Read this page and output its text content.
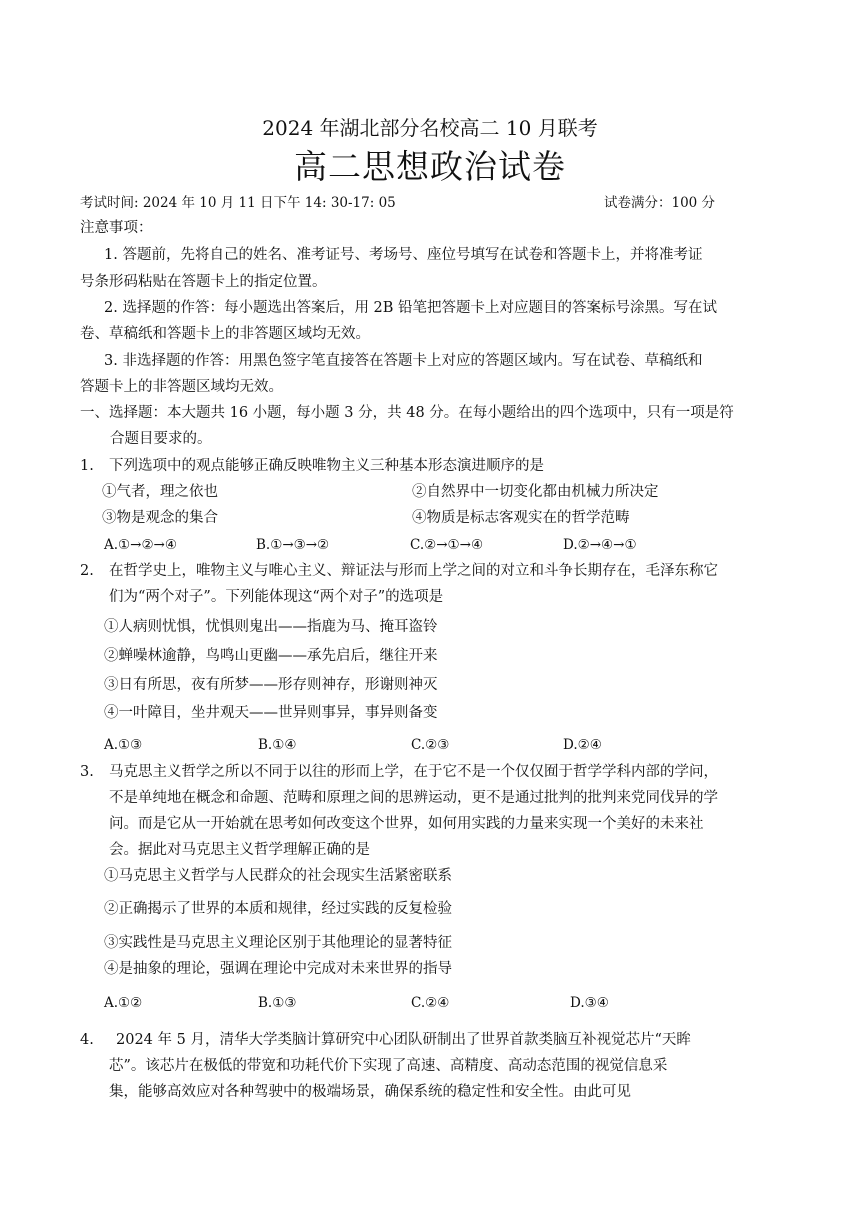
2024 年湖北部分名校高二 10 月联考
高二思想政治试卷
考试时间: 2024 年 10 月 11 日下午 14: 30-17: 05	试卷满分：100 分
注意事项：
1. 答题前，先将自己的姓名、准考证号、考场号、座位号填写在试卷和答题卡上，并将准考证
号条形码粘贴在答题卡上的指定位置。
2. 选择题的作答：每小题选出答案后，用 2B 铅笔把答题卡上对应题目的答案标号涂黑。写在试
卷、草稿纸和答题卡上的非答题区域均无效。
3. 非选择题的作答：用黑色签字笔直接答在答题卡上对应的答题区域内。写在试卷、草稿纸和
答题卡上的非答题区域均无效。
一、选择题：本大题共 16 小题，每小题 3 分，共 48 分。在每小题给出的四个选项中，只有一项是符
合题目要求的。
1. 下列选项中的观点能够正确反映唯物主义三种基本形态演进顺序的是
①气者，理之依也	②自然界中一切变化都由机械力所决定
③物是观念的集合	④物质是标志客观实在的哲学范畴
A.①→②→④	B.①→③→②	C.②→①→④	D.②→④→①
2. 在哲学史上，唯物主义与唯心主义、辩证法与形而上学之间的对立和斗争长期存在，毛泽东称它
们为“两个对子”。下列能体现这“两个对子”的选项是
①人病则忧惧，忧惧则鬼出——指鹿为马、掩耳盗铃
②蝉噪林逾静，鸟鸣山更幽——承先启后，继往开来
③日有所思，夜有所梦——形存则神存，形谢则神灭
④一叶障目，坐井观天——世异则事异，事异则备变
A.①③	B.①④	C.②③	D.②④
3. 马克思主义哲学之所以不同于以往的形而上学，在于它不是一个仅仅囿于哲学学科内部的学问，
不是单纯地在概念和命题、范畴和原理之间的思辨运动，更不是通过批判的批判来党同伐异的学
问。而是它从一开始就在思考如何改变这个世界，如何用实践的力量来实现一个美好的未来社
会。据此对马克思主义哲学理解正确的是
①马克思主义哲学与人民群众的社会现实生活紧密联系
②正确揭示了世界的本质和规律，经过实践的反复检验
③实践性是马克思主义理论区别于其他理论的显著特征
④是抽象的理论，强调在理论中完成对未来世界的指导
A.①②	B.①③	C.②④	D.③④
4. 2024 年 5 月，清华大学类脑计算研究中心团队研制出了世界首款类脑互补视觉芯片“天眸
芯”。该芯片在极低的带宽和功耗代价下实现了高速、高精度、高动态范围的视觉信息采
集，能够高效应对各种驾驶中的极端场景，确保系统的稳定性和安全性。由此可见
